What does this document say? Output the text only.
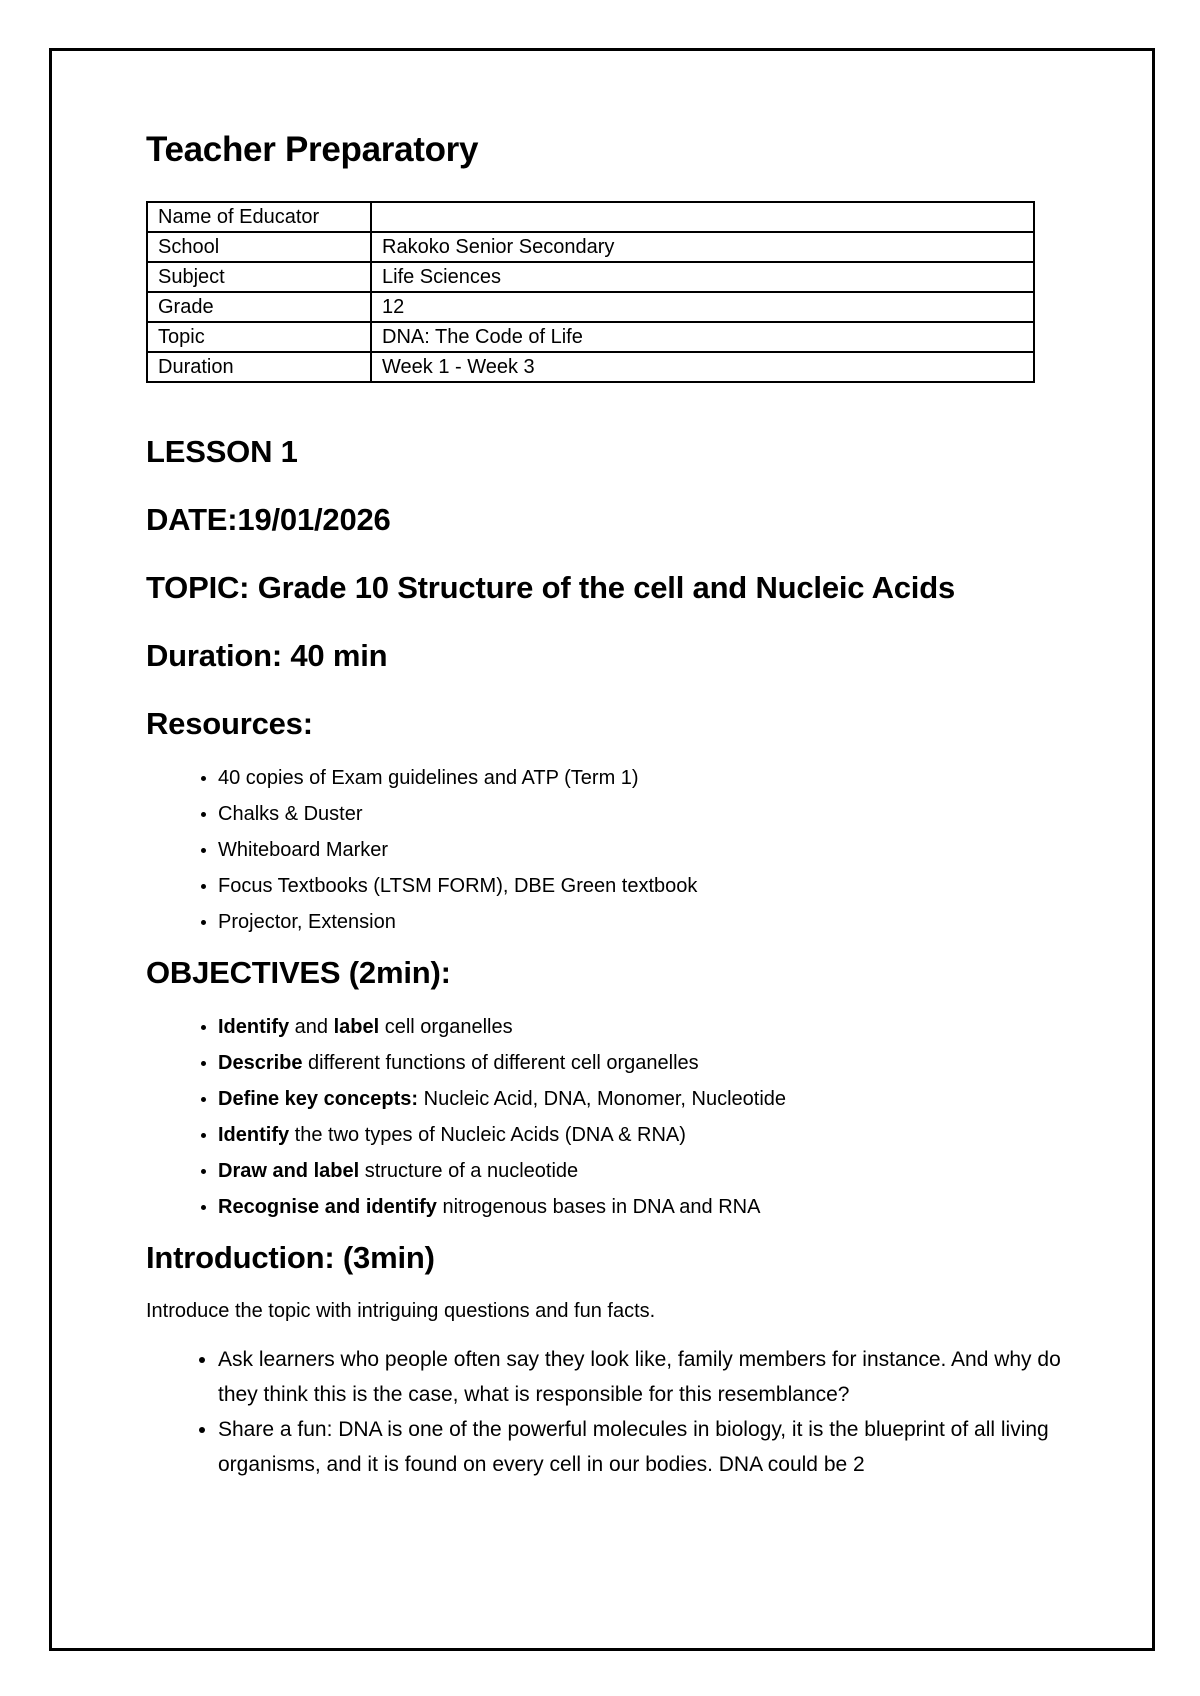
Teacher Preparatory
Name of Educator	
School	Rakoko Senior Secondary
Subject	Life Sciences
Grade	12
Topic	DNA: The Code of Life
Duration	Week 1 - Week 3
LESSON 1
DATE:19/01/2026
TOPIC: Grade 10 Structure of the cell and Nucleic Acids
Duration: 40 min
Resources:
• 40 copies of Exam guidelines and ATP (Term 1)
• Chalks & Duster
• Whiteboard Marker
• Focus Textbooks (LTSM FORM), DBE Green textbook
• Projector, Extension
OBJECTIVES (2min):
• Identify and label cell organelles
• Describe different functions of different cell organelles
• Define key concepts: Nucleic Acid, DNA, Monomer, Nucleotide
• Identify the two types of Nucleic Acids (DNA & RNA)
• Draw and label structure of a nucleotide
• Recognise and identify nitrogenous bases in DNA and RNA
Introduction: (3min)

Introduce the topic with intriguing questions and fun facts.

• Ask learners who people often say they look like, family members for instance. And why do they think this is the case, what is responsible for this resemblance?
• Share a fun: DNA is one of the powerful molecules in biology, it is the blueprint of all living organisms, and it is found on every cell in our bodies. DNA could be 2
